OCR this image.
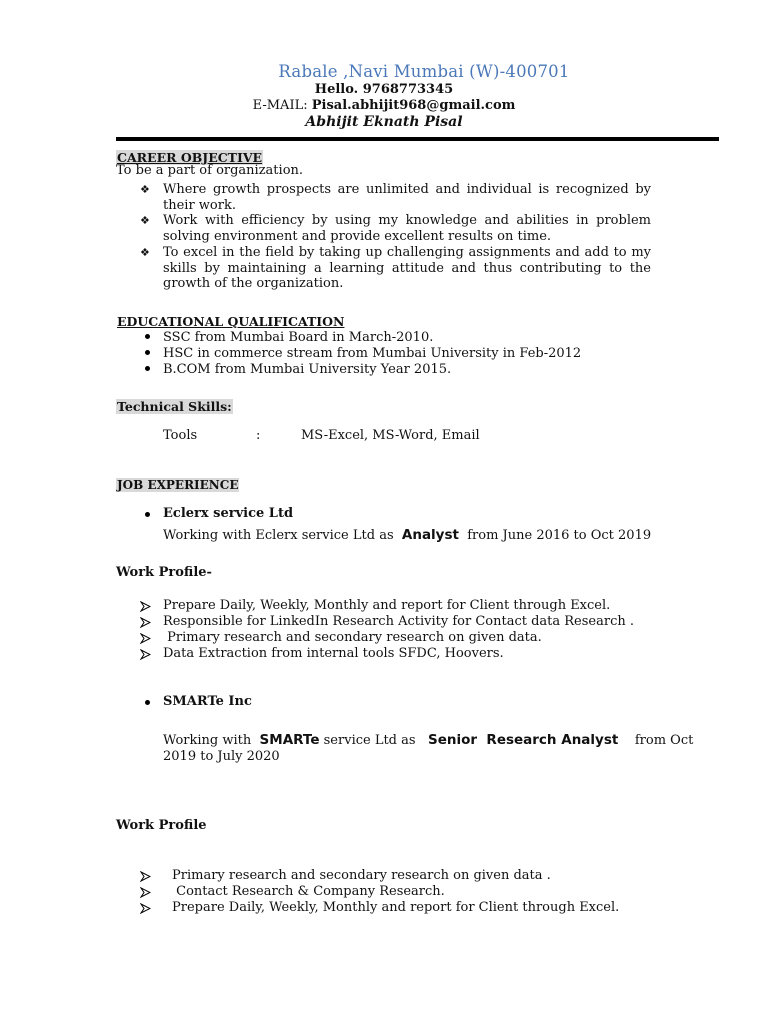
Rabale ,Navi Mumbai (W)-400701
Hello. 9768773345
E-MAIL: Pisal.abhijit968@gmail.com
Abhijit Eknath Pisal
CAREER OBJECTIVE
To be a part of organization.
❖ Where growth prospects are unlimited and individual is recognized by their work.
❖ Work with efficiency by using my knowledge and abilities in problem solving environment and provide excellent results on time.
❖ To excel in the field by taking up challenging assignments and add to my skills by maintaining a learning attitude and thus contributing to the growth of the organization.
EDUCATIONAL QUALIFICATION
SSC from Mumbai Board in March-2010.
HSC in commerce stream from Mumbai University in Feb-2012
B.COM from Mumbai University Year 2015.
Technical Skills:
Tools	:	MS-Excel, MS-Word, Email
JOB EXPERIENCE
Eclerx service Ltd
Working with Eclerx service Ltd as Analyst from June 2016 to Oct 2019
Work Profile-
Prepare Daily, Weekly, Monthly and report for Client through Excel.
Responsible for LinkedIn Research Activity for Contact data Research .
Primary research and secondary research on given data.
Data Extraction from internal tools SFDC, Hoovers.
SMARTe Inc
Working with SMARTe service Ltd as Senior  Research Analyst from Oct
2019 to July 2020
Work Profile
Primary research and secondary research on given data .
Contact Research & Company Research.
Prepare Daily, Weekly, Monthly and report for Client through Excel.
